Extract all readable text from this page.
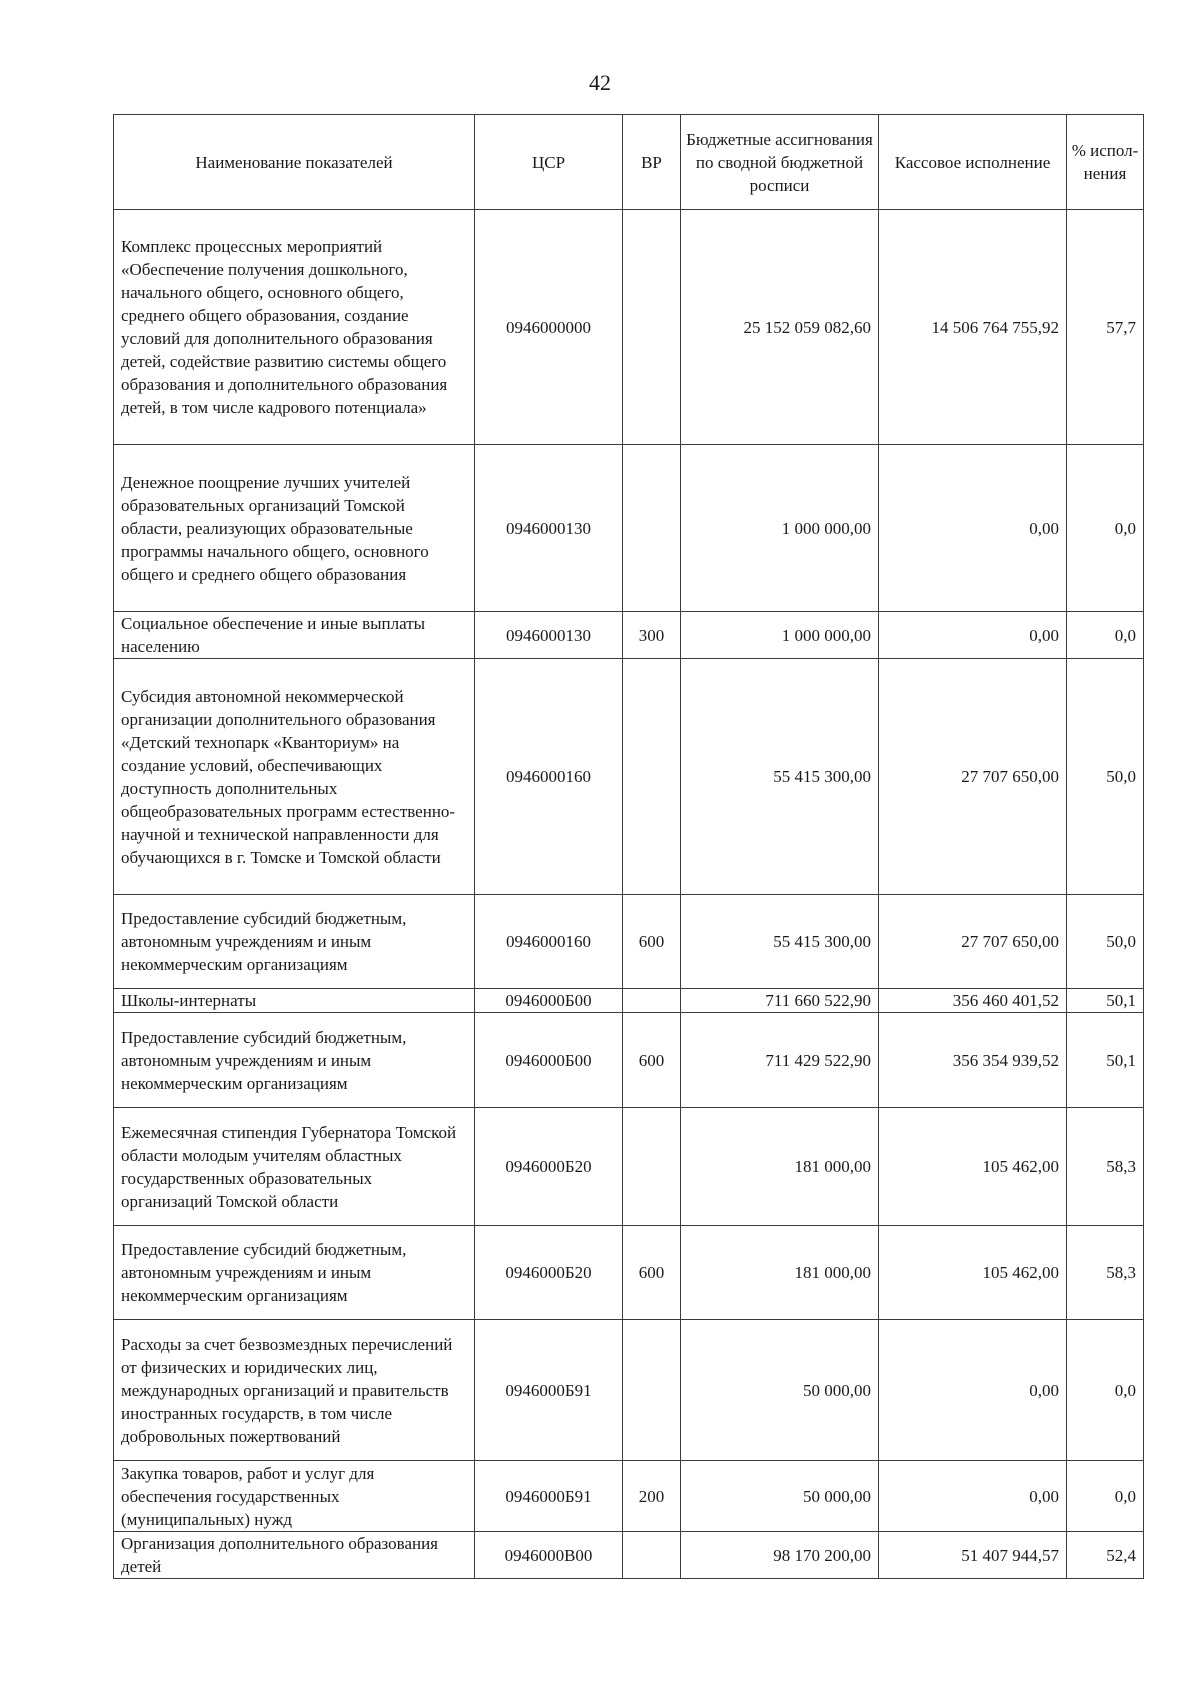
42
Наименование показателей	ЦСР	ВР	Бюджетные ассигнования по сводной бюджетной росписи	Кассовое исполнение	% испол-нения
Комплекс процессных мероприятий «Обеспечение получения дошкольного, начального общего, основного общего, среднего общего образования, создание условий для дополнительного образования детей, содействие развитию системы общего образования и дополнительного образования детей, в том числе кадрового потенциала»	0946000000		25 152 059 082,60	14 506 764 755,92	57,7
Денежное поощрение лучших учителей образовательных организаций Томской области, реализующих образовательные программы начального общего, основного общего и среднего общего образования	0946000130		1 000 000,00	0,00	0,0
Социальное обеспечение и иные выплаты населению	0946000130	300	1 000 000,00	0,00	0,0
Субсидия автономной некоммерческой организации дополнительного образования «Детский технопарк «Кванториум» на создание условий, обеспечивающих доступность дополнительных общеобразовательных программ естественно-научной и технической направленности для обучающихся в г. Томске и Томской области	0946000160		55 415 300,00	27 707 650,00	50,0
Предоставление субсидий бюджетным, автономным учреждениям и иным некоммерческим организациям	0946000160	600	55 415 300,00	27 707 650,00	50,0
Школы-интернаты	0946000Б00		711 660 522,90	356 460 401,52	50,1
Предоставление субсидий бюджетным, автономным учреждениям и иным некоммерческим организациям	0946000Б00	600	711 429 522,90	356 354 939,52	50,1
Ежемесячная стипендия Губернатора Томской области молодым учителям областных государственных образовательных организаций Томской области	0946000Б20		181 000,00	105 462,00	58,3
Предоставление субсидий бюджетным, автономным учреждениям и иным некоммерческим организациям	0946000Б20	600	181 000,00	105 462,00	58,3
Расходы за счет безвозмездных перечислений от физических и юридических лиц, международных организаций и правительств иностранных государств, в том числе добровольных пожертвований	0946000Б91		50 000,00	0,00	0,0
Закупка товаров, работ и услуг для обеспечения государственных (муниципальных) нужд	0946000Б91	200	50 000,00	0,00	0,0
Организация дополнительного образования детей	0946000В00		98 170 200,00	51 407 944,57	52,4
